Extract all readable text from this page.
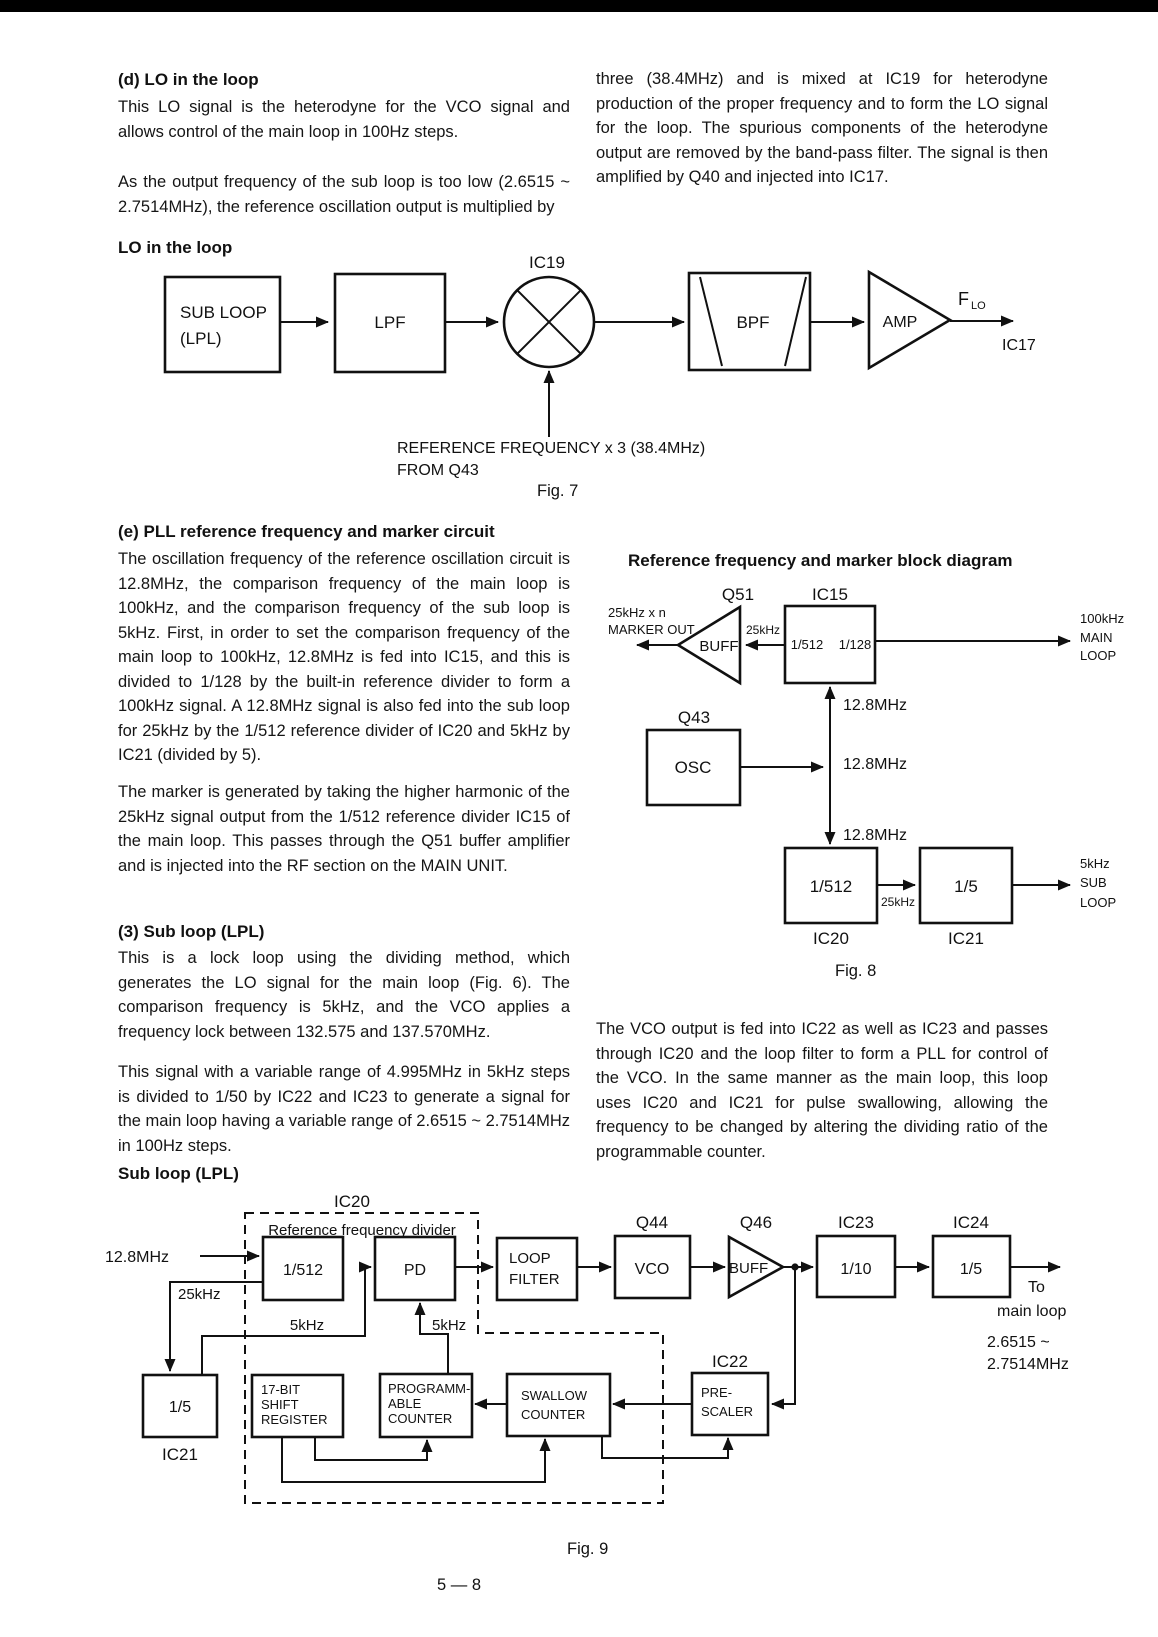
(d) LO in the loop
This LO signal is the heterodyne for the VCO signal and allows control of the main loop in 100Hz steps.
As the output frequency of the sub loop is too low (2.6515 ~ 2.7514MHz), the reference oscillation output is multiplied by
three (38.4MHz) and is mixed at IC19 for heterodyne production of the proper frequency and to form the LO signal for the loop. The spurious components of the heterodyne output are removed by the band-pass filter. The signal is then amplified by Q40 and injected into IC17.
LO in the loop
SUB LOOP
(LPL)
LPF
IC19
BPF	AMP
F LO
IC17
REFERENCE FREQUENCY x 3 (38.4MHz)
FROM Q43
Fig. 7
(e) PLL reference frequency and marker circuit
The oscillation frequency of the reference oscillation circuit is 12.8MHz, the comparison frequency of the main loop is 100kHz, and the comparison frequency of the sub loop is 5kHz. First, in order to set the comparison frequency of the main loop to 100kHz, 12.8MHz is fed into IC15, and this is divided to 1/128 by the built-in reference divider to form a 100kHz signal. A 12.8MHz signal is also fed into the sub loop for 25kHz by the 1/512 reference divider of IC20 and 5kHz by IC21 (divided by 5).
The marker is generated by taking the higher harmonic of the 25kHz signal output from the 1/512 reference divider IC15 of the main loop. This passes through the Q51 buffer amplifier and is injected into the RF section on the MAIN UNIT.
(3) Sub loop (LPL)
This is a lock loop using the dividing method, which generates the LO signal for the main loop (Fig. 6). The comparison frequency is 5kHz, and the VCO applies a frequency lock between 132.575 and 137.570MHz.
This signal with a variable range of 4.995MHz in 5kHz steps is divided to 1/50 by IC22 and IC23 to generate a signal for the main loop having a variable range of 2.6515 ~ 2.7514MHz in 100Hz steps.
Reference frequency and marker block diagram
Q51	IC15
BUFF
25kHz
25kHz x n
MARKER OUT
1/512 1/128
100kHz
MAIN
LOOP
12.8MHz
12.8MHz
12.8MHz
Q43
OSC
1/512
IC20
1/5
IC21
25kHz
5kHz
SUB
LOOP
Fig. 8
The VCO output is fed into IC22 as well as IC23 and passes through IC20 and the loop filter to form a PLL for control of the VCO. In the same manner as the main loop, this loop uses IC20 and IC21 for pulse swallowing, allowing the frequency to be changed by altering the dividing ratio of the programmable counter.
Sub loop (LPL)
IC20
Reference frequency divider
12.8MHz
25kHz
5kHz	5kHz
1/512	PD
LOOP
FILTER
Q44
VCO
Q46
BUFF
IC23
1/10
IC24
1/5
To
main loop
2.6515 ~
2.7514MHz
1/5
IC21
17-BIT
SHIFT
REGISTER
PROGRAMM-
ABLE
COUNTER
SWALLOW
COUNTER
IC22
PRE-
SCALER
Fig. 9
5 — 8
